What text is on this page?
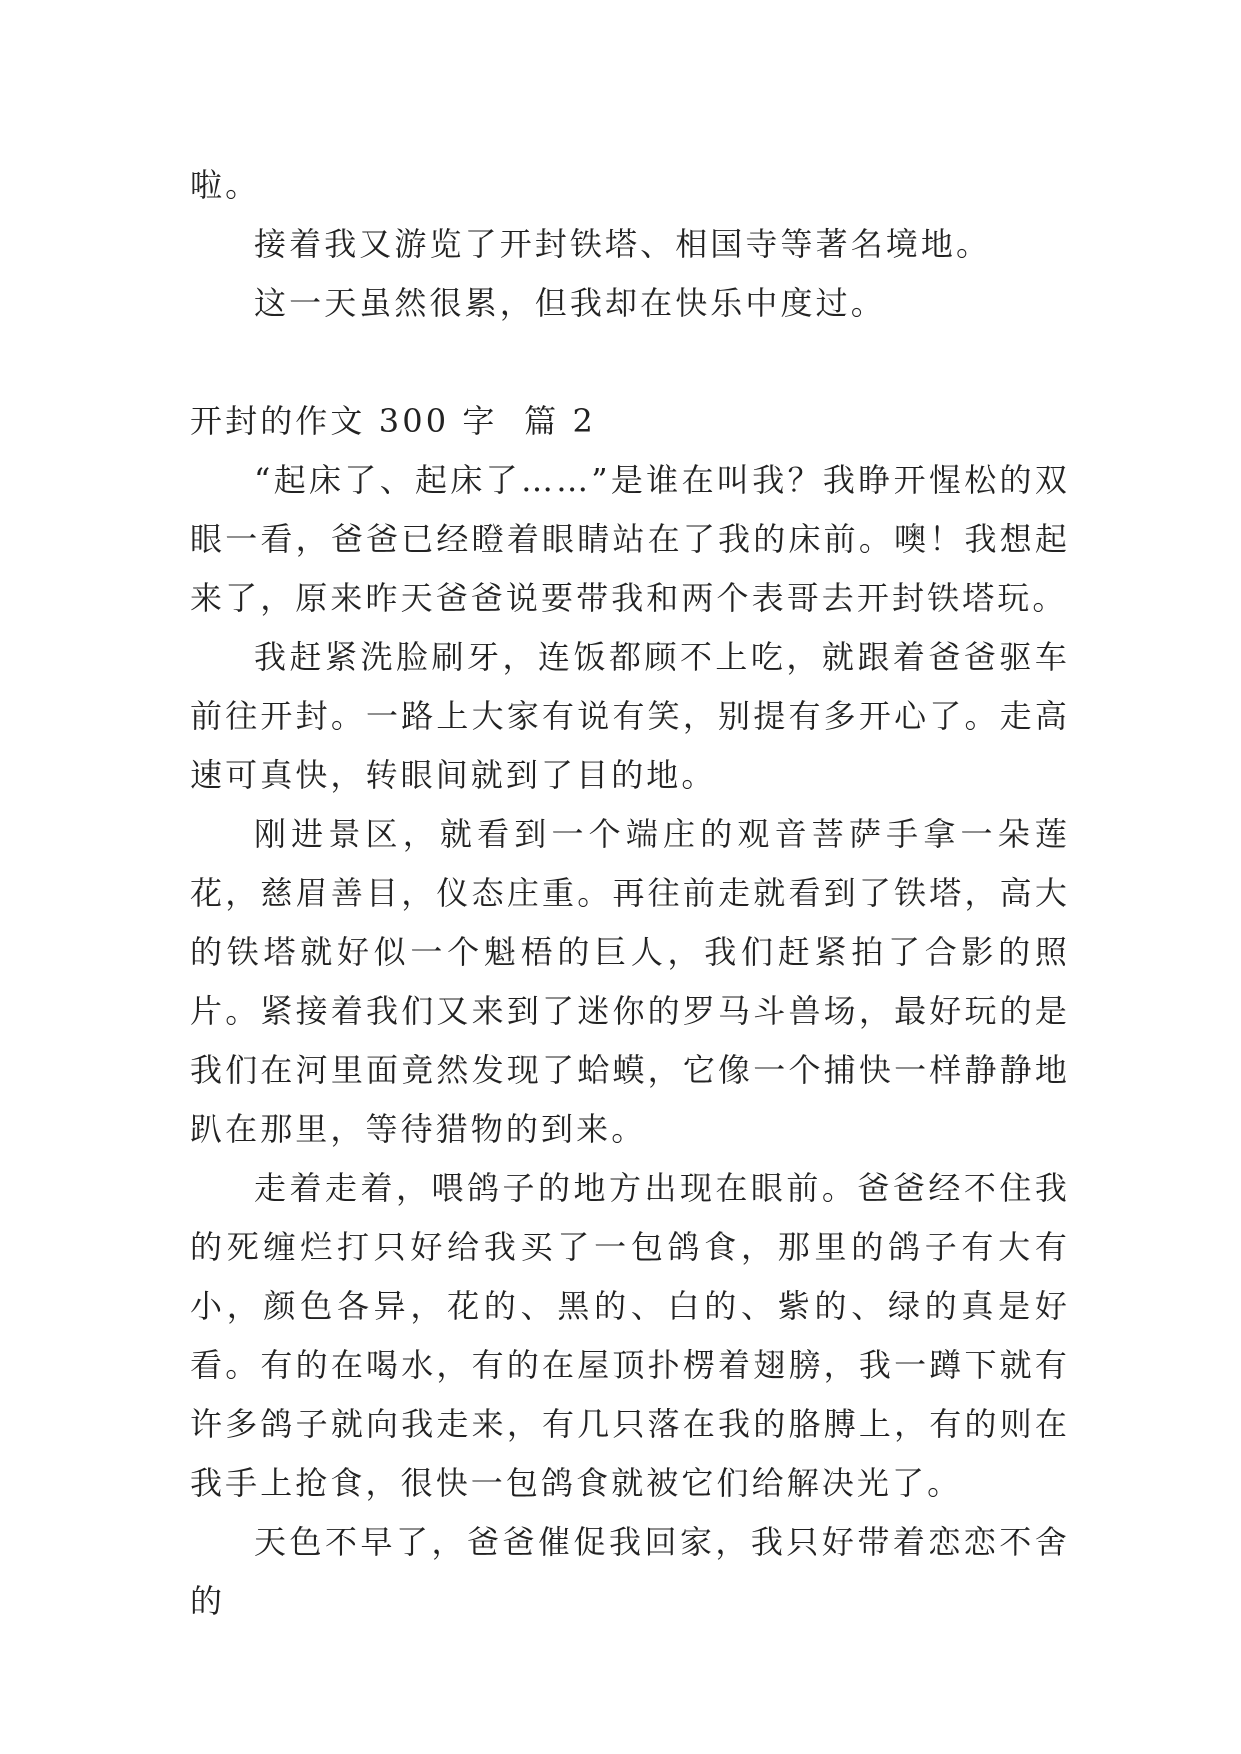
啦。

接着我又游览了开封铁塔、相国寺等著名境地。

这一天虽然很累，但我却在快乐中度过。

开封的作文 300 字  篇 2

“起床了、起床了……”是谁在叫我？我睁开惺松的双眼一看，爸爸已经瞪着眼睛站在了我的床前。噢！我想起来了，原来昨天爸爸说要带我和两个表哥去开封铁塔玩。

我赶紧洗脸刷牙，连饭都顾不上吃，就跟着爸爸驱车前往开封。一路上大家有说有笑，别提有多开心了。走高速可真快，转眼间就到了目的地。

刚进景区，就看到一个端庄的观音菩萨手拿一朵莲花，慈眉善目，仪态庄重。再往前走就看到了铁塔，高大的铁塔就好似一个魁梧的巨人，我们赶紧拍了合影的照片。紧接着我们又来到了迷你的罗马斗兽场，最好玩的是我们在河里面竟然发现了蛤蟆，它像一个捕快一样静静地趴在那里，等待猎物的到来。

走着走着，喂鸽子的地方出现在眼前。爸爸经不住我的死缠烂打只好给我买了一包鸽食，那里的鸽子有大有小，颜色各异，花的、黑的、白的、紫的、绿的真是好看。有的在喝水，有的在屋顶扑楞着翅膀，我一蹲下就有许多鸽子就向我走来，有几只落在我的胳膊上，有的则在我手上抢食，很快一包鸽食就被它们给解决光了。

天色不早了，爸爸催促我回家，我只好带着恋恋不舍的
